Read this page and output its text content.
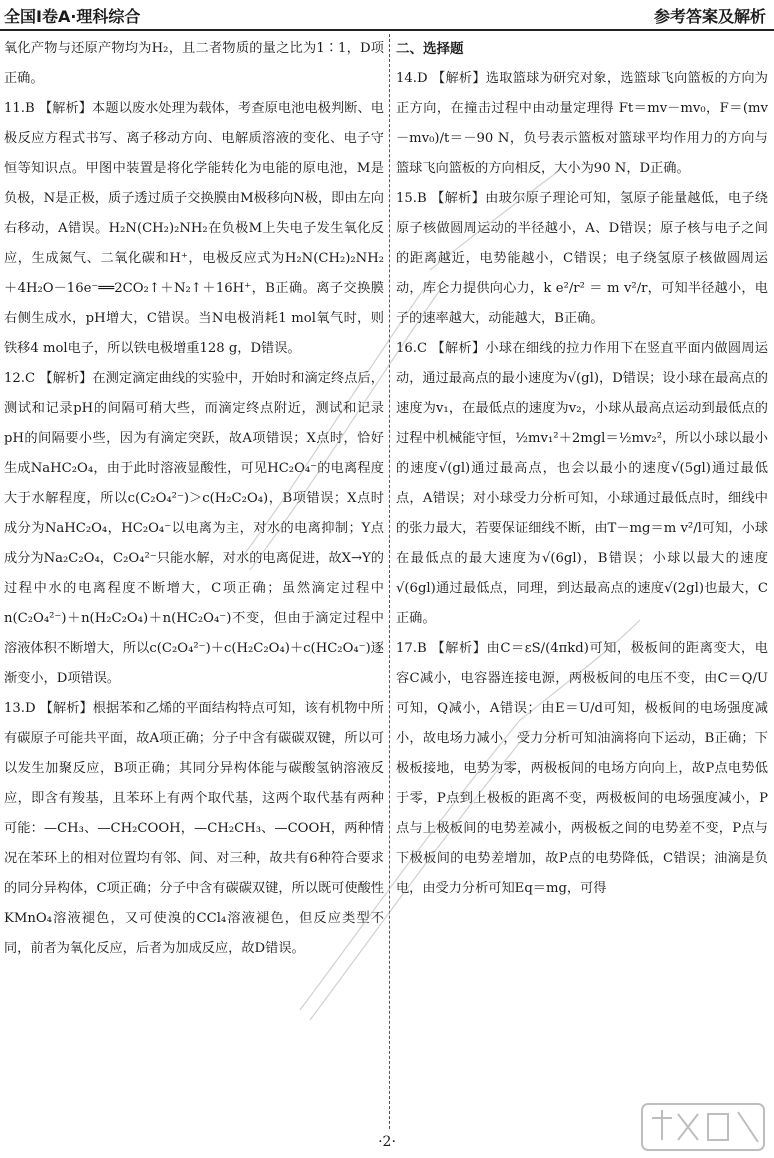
全国Ⅰ卷A·理科综合	参考答案及解析

氧化产物与还原产物均为H₂，且二者物质的量之比为1∶1，D项正确。

11.B 【解析】本题以废水处理为载体，考查原电池电极判断、电极反应方程式书写、离子移动方向、电解质溶液的变化、电子守恒等知识点。甲图中装置是将化学能转化为电能的原电池，M是负极，N是正极，质子透过质子交换膜由M极移向N极，即由左向右移动，A错误。H₂N(CH₂)₂NH₂在负极M上失电子发生氧化反应，生成氮气、二氧化碳和H⁺，电极反应式为H₂N(CH₂)₂NH₂＋4H₂O－16e⁻══2CO₂↑＋N₂↑＋16H⁺，B正确。离子交换膜右侧生成水，pH增大，C错误。当N电极消耗1 mol氧气时，则铁移4 mol电子，所以铁电极增重128 g，D错误。

12.C 【解析】在测定滴定曲线的实验中，开始时和滴定终点后，测试和记录pH的间隔可稍大些，而滴定终点附近，测试和记录pH的间隔要小些，因为有滴定突跃，故A项错误；X点时，恰好生成NaHC₂O₄，由于此时溶液显酸性，可见HC₂O₄⁻的电离程度大于水解程度，所以c(C₂O₄²⁻)＞c(H₂C₂O₄)，B项错误；X点时成分为NaHC₂O₄，HC₂O₄⁻以电离为主，对水的电离抑制；Y点成分为Na₂C₂O₄，C₂O₄²⁻只能水解，对水的电离促进，故X→Y的过程中水的电离程度不断增大，C项正确；虽然滴定过程中n(C₂O₄²⁻)＋n(H₂C₂O₄)＋n(HC₂O₄⁻)不变，但由于滴定过程中溶液体积不断增大，所以c(C₂O₄²⁻)＋c(H₂C₂O₄)＋c(HC₂O₄⁻)逐渐变小，D项错误。

13.D 【解析】根据苯和乙烯的平面结构特点可知，该有机物中所有碳原子可能共平面，故A项正确；分子中含有碳碳双键，所以可以发生加聚反应，B项正确；其同分异构体能与碳酸氢钠溶液反应，即含有羧基，且苯环上有两个取代基，这两个取代基有两种可能：—CH₃、—CH₂COOH，—CH₂CH₃、—COOH，两种情况在苯环上的相对位置均有邻、间、对三种，故共有6种符合要求的同分异构体，C项正确；分子中含有碳碳双键，所以既可使酸性KMnO₄溶液褪色，又可使溴的CCl₄溶液褪色，但反应类型不同，前者为氧化反应，后者为加成反应，故D错误。

二、选择题

14.D 【解析】选取篮球为研究对象，选篮球飞向篮板的方向为正方向，在撞击过程中由动量定理得 Ft＝mv－mv₀，F＝(mv－mv₀)/t＝－90 N，负号表示篮板对篮球平均作用力的方向与篮球飞向篮板的方向相反，大小为90 N，D正确。

15.B 【解析】由玻尔原子理论可知，氢原子能量越低，电子绕原子核做圆周运动的半径越小，A、D错误；原子核与电子之间的距离越近，电势能越小，C错误；电子绕氢原子核做圆周运动，库仑力提供向心力，k e²/r² ＝ m v²/r，可知半径越小，电子的速率越大，动能越大，B正确。

16.C 【解析】小球在细线的拉力作用下在竖直平面内做圆周运动，通过最高点的最小速度为√(gl)，D错误；设小球在最高点的速度为v₁，在最低点的速度为v₂，小球从最高点运动到最低点的过程中机械能守恒，½mv₁²＋2mgl＝½mv₂²，所以小球以最小的速度√(gl)通过最高点，也会以最小的速度√(5gl)通过最低点，A错误；对小球受力分析可知，小球通过最低点时，细线中的张力最大，若要保证细线不断，由T－mg＝m v²/l可知，小球在最低点的最大速度为√(6gl)，B错误；小球以最大的速度√(6gl)通过最低点，同理，到达最高点的速度√(2gl)也最大，C正确。

17.B 【解析】由C＝εS/(4πkd)可知，极板间的距离变大，电容C减小，电容器连接电源，两极板间的电压不变，由C＝Q/U可知，Q减小，A错误；由E＝U/d可知，极板间的电场强度减小，故电场力减小，受力分析可知油滴将向下运动，B正确；下极板接地，电势为零，两极板间的电场方向向上，故P点电势低于零，P点到上极板的距离不变，两极板间的电场强度减小，P点与上极板间的电势差减小，两极板之间的电势差不变，P点与下极板间的电势差增加，故P点的电势降低，C错误；油滴是负电，由受力分析可知Eq＝mg，可得

·2·
